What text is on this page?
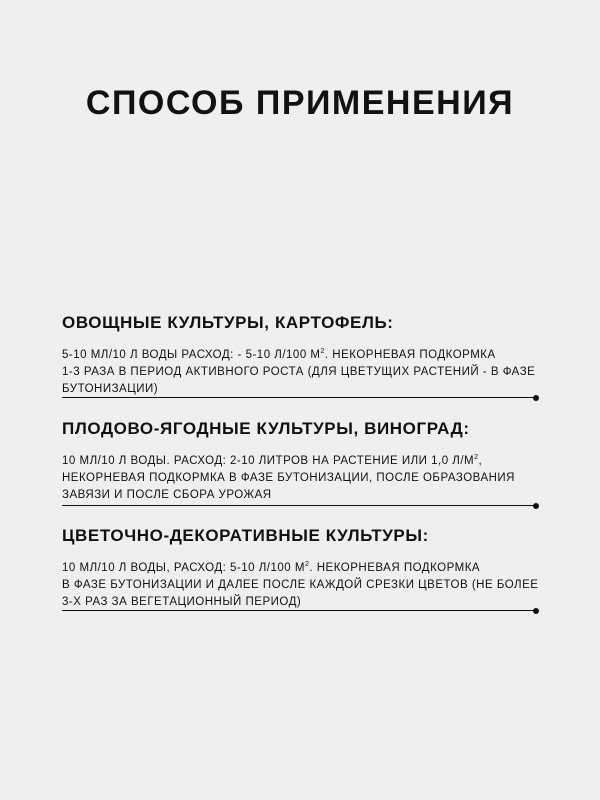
СПОСОБ ПРИМЕНЕНИЯ
ОВОЩНЫЕ КУЛЬТУРЫ, КАРТОФЕЛЬ:

5-10 МЛ/10 Л ВОДЫ РАСХОД: - 5-10 Л/100 $М^2$. НЕКОРНЕВАЯ ПОДКОРМКА
1-3 РАЗА В ПЕРИОД АКТИВНОГО РОСТА (ДЛЯ ЦВЕТУЩИХ РАСТЕНИЙ - В ФАЗЕ БУТОНИЗАЦИИ)

ПЛОДОВО-ЯГОДНЫЕ КУЛЬТУРЫ, ВИНОГРАД:

10 МЛ/10 Л ВОДЫ. РАСХОД: 2-10 ЛИТРОВ НА РАСТЕНИЕ ИЛИ 1,0 $Л/М^2$,
НЕКОРНЕВАЯ ПОДКОРМКА В ФАЗЕ БУТОНИЗАЦИИ, ПОСЛЕ ОБРАЗОВАНИЯ ЗАВЯЗИ И ПОСЛЕ СБОРА УРОЖАЯ

ЦВЕТОЧНО-ДЕКОРАТИВНЫЕ КУЛЬТУРЫ:

10 МЛ/10 Л ВОДЫ, РАСХОД: 5-10 Л/100 $М^2$. НЕКОРНЕВАЯ ПОДКОРМКА
В ФАЗЕ БУТОНИЗАЦИИ И ДАЛЕЕ ПОСЛЕ КАЖДОЙ СРЕЗКИ ЦВЕТОВ (НЕ БОЛЕЕ 3-Х РАЗ ЗА ВЕГЕТАЦИОННЫЙ ПЕРИОД)
